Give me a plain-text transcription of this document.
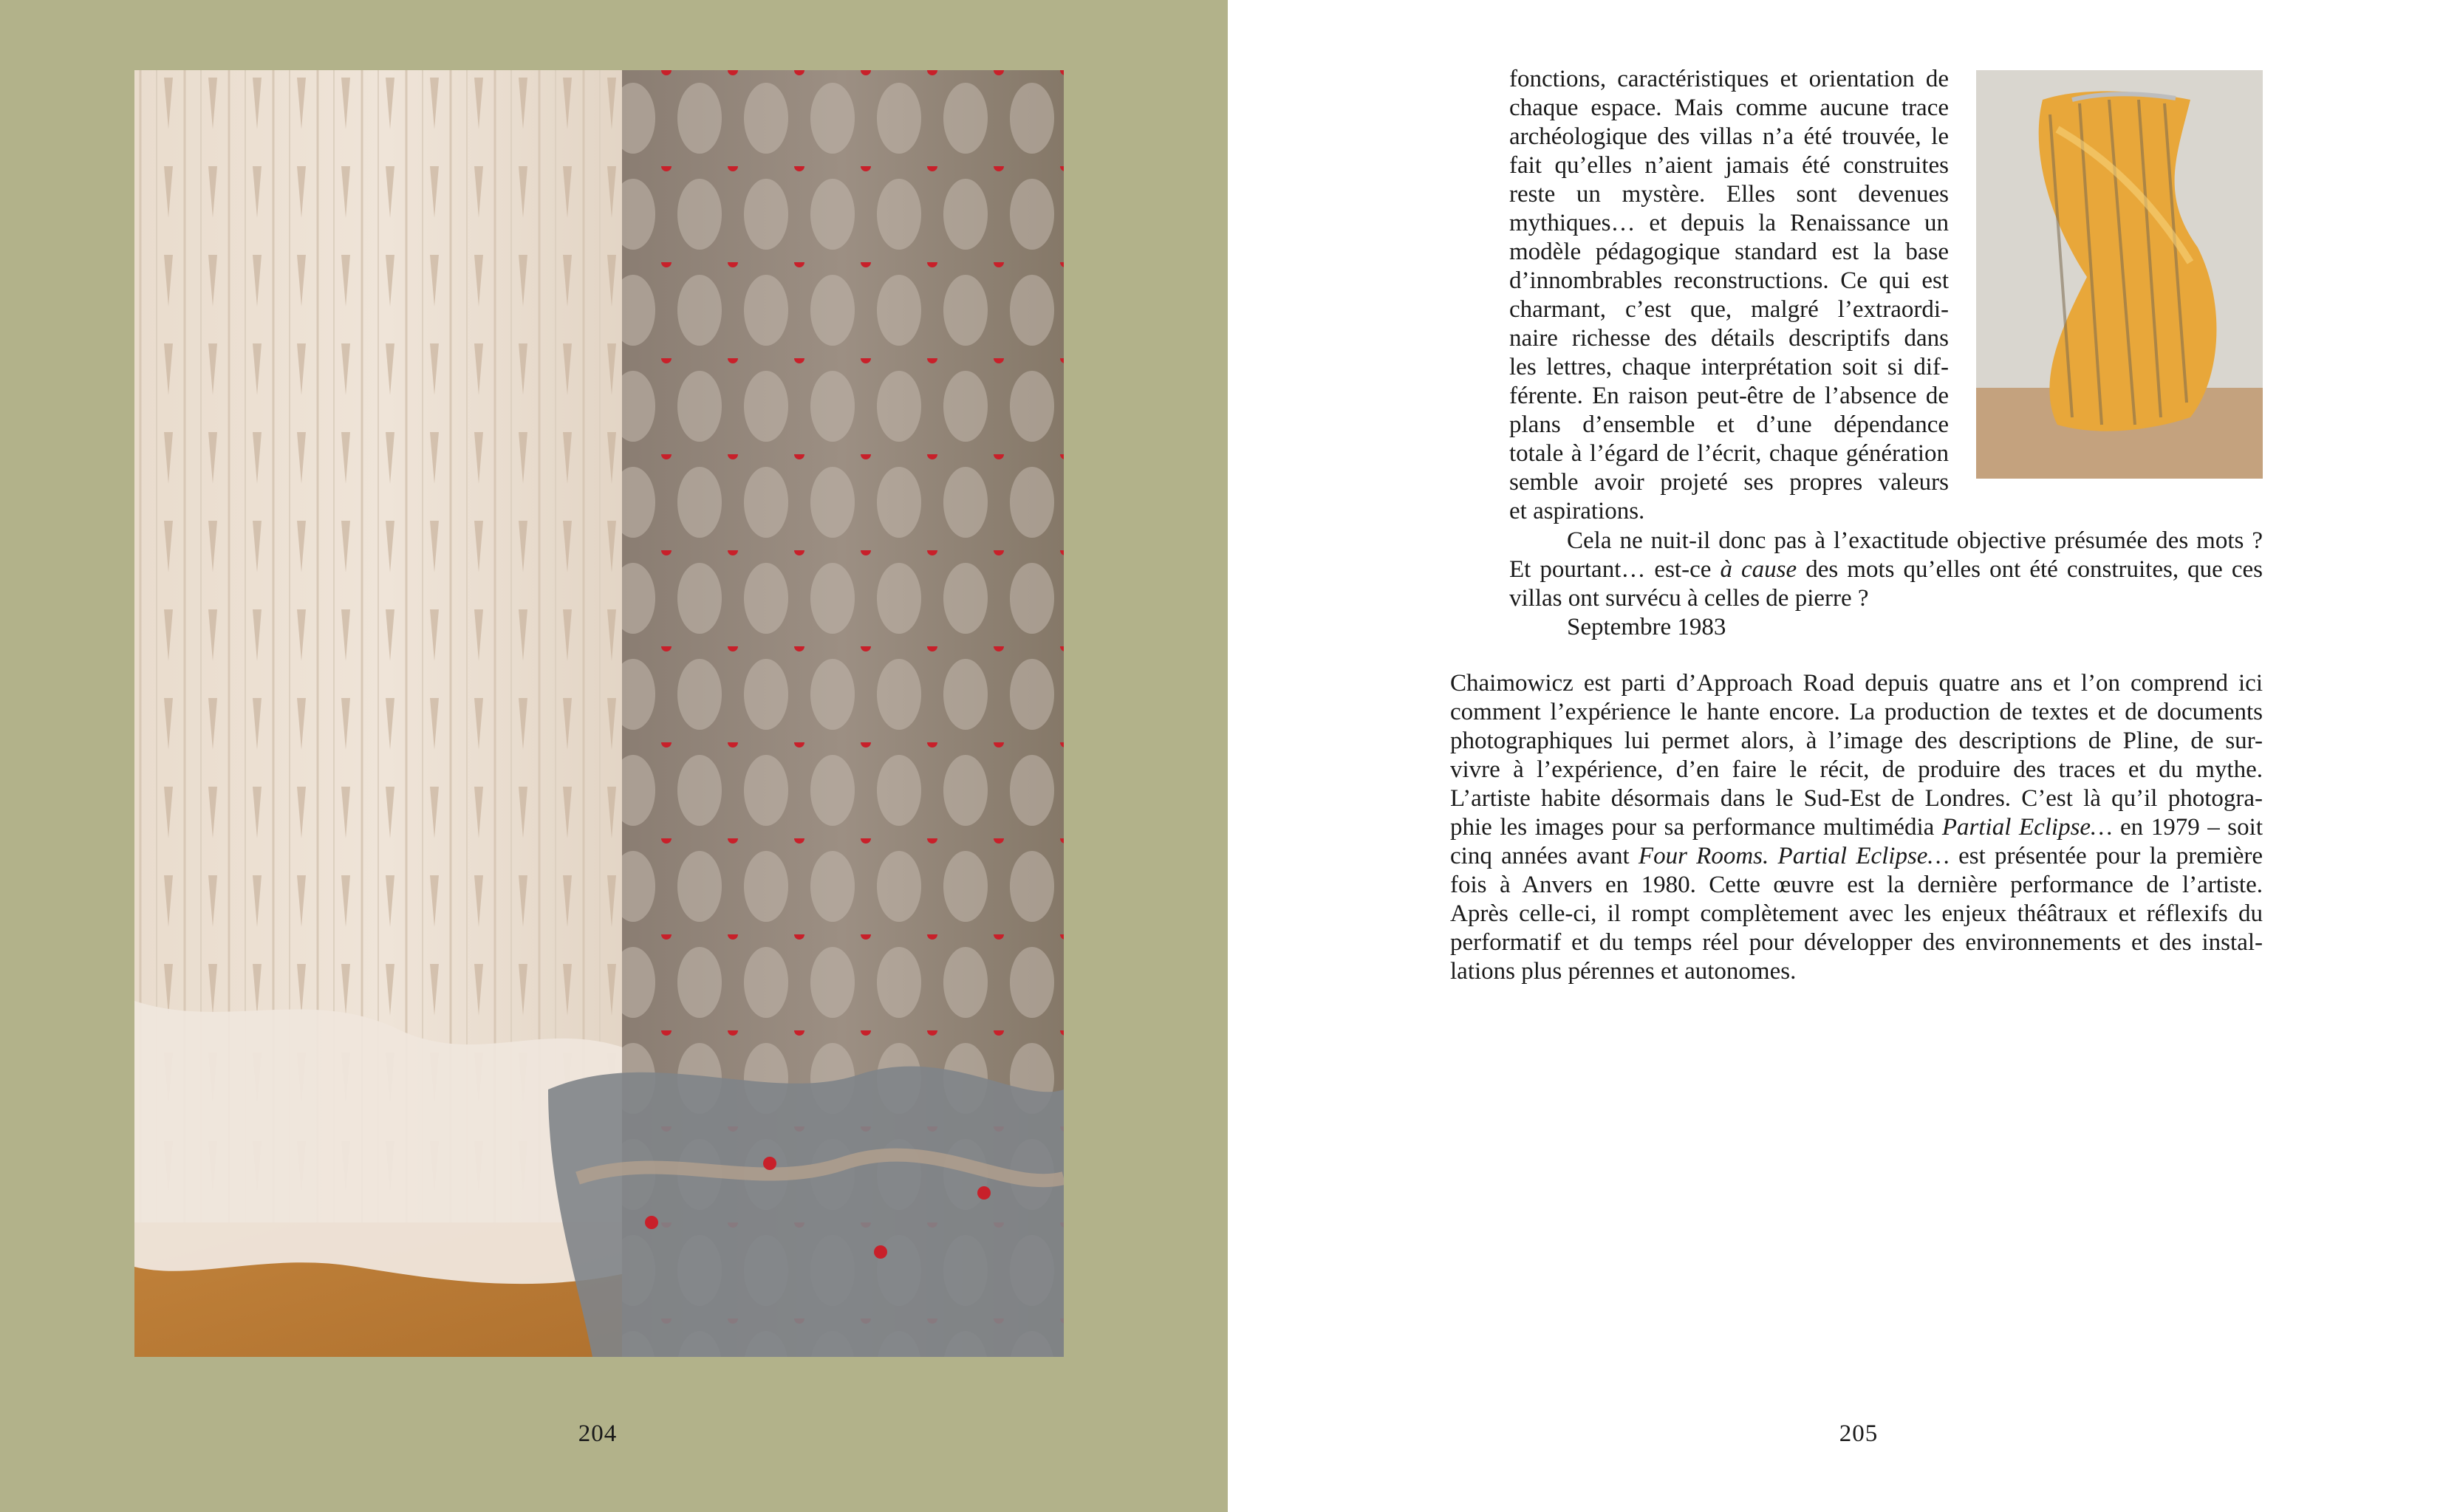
204
fonctions, caractéristiques et orientation de
chaque espace. Mais comme aucune trace
archéologique des villas n’a été trouvée, le
fait qu’elles n’aient jamais été construites
reste un mystère. Elles sont devenues
mythiques… et depuis la Renaissance un
modèle pédagogique standard est la base
d’innombrables reconstructions. Ce qui est
charmant, c’est que, malgré l’extraordi-
naire richesse des détails descriptifs dans
les lettres, chaque interprétation soit si dif-
férente. En raison peut-être de l’absence de
plans d’ensemble et d’une dépendance
totale à l’égard de l’écrit, chaque génération
semble avoir projeté ses propres valeurs
et aspirations.
Cela ne nuit-il donc pas à l’exactitude objective présumée des mots ?
Et pourtant… est-ce à cause des mots qu’elles ont été construites, que ces
villas ont survécu à celles de pierre ?
Septembre 1983
Chaimowicz est parti d’Approach Road depuis quatre ans et l’on comprend ici
comment l’expérience le hante encore. La production de textes et de documents
photographiques lui permet alors, à l’image des descriptions de Pline, de sur-
vivre à l’expérience, d’en faire le récit, de produire des traces et du mythe.
L’artiste habite désormais dans le Sud-Est de Londres. C’est là qu’il photogra-
phie les images pour sa performance multimédia Partial Eclipse… en 1979 – soit
cinq années avant Four Rooms. Partial Eclipse… est présentée pour la première
fois à Anvers en 1980. Cette œuvre est la dernière performance de l’artiste.
Après celle-ci, il rompt complètement avec les enjeux théâtraux et réflexifs du
performatif et du temps réel pour développer des environnements et des instal-
lations plus pérennes et autonomes.
205
